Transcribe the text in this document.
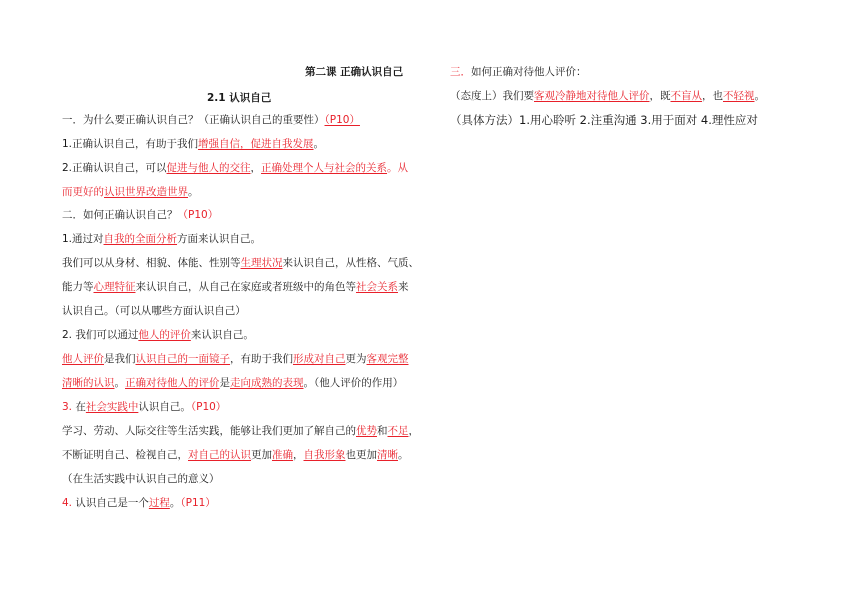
第二课 正确认识自己
2.1 认识自己
一．为什么要正确认识自己？（正确认识自己的重要性）（P10）
1.正确认识自己，有助于我们增强自信，促进自我发展。
2.正确认识自己，可以促进与他人的交往，正确处理个人与社会的关系。从
而更好的认识世界改造世界。
二．如何正确认识自己？（P10）
1.通过对自我的全面分析方面来认识自己。
我们可以从身材、相貌、体能、性别等生理状况来认识自己，从性格、气质、
能力等心理特征来认识自己，从自己在家庭或者班级中的角色等社会关系来
认识自己。（可以从哪些方面认识自己）
2. 我们可以通过他人的评价来认识自己。
他人评价是我们认识自己的一面镜子，有助于我们形成对自己更为客观完整
清晰的认识。正确对待他人的评价是走向成熟的表现。（他人评价的作用）
3. 在社会实践中认识自己。（P10）
学习、劳动、人际交往等生活实践，能够让我们更加了解自己的优势和不足，
不断证明自己、检视自己，对自己的认识更加准确，自我形象也更加清晰。
（在生活实践中认识自己的意义）
4. 认识自己是一个过程。（P11）
三．如何正确对待他人评价：
（态度上）我们要客观冷静地对待他人评价，既不盲从，也不轻视。
（具体方法）1.用心聆听 2.注重沟通 3.用于面对 4.理性应对
